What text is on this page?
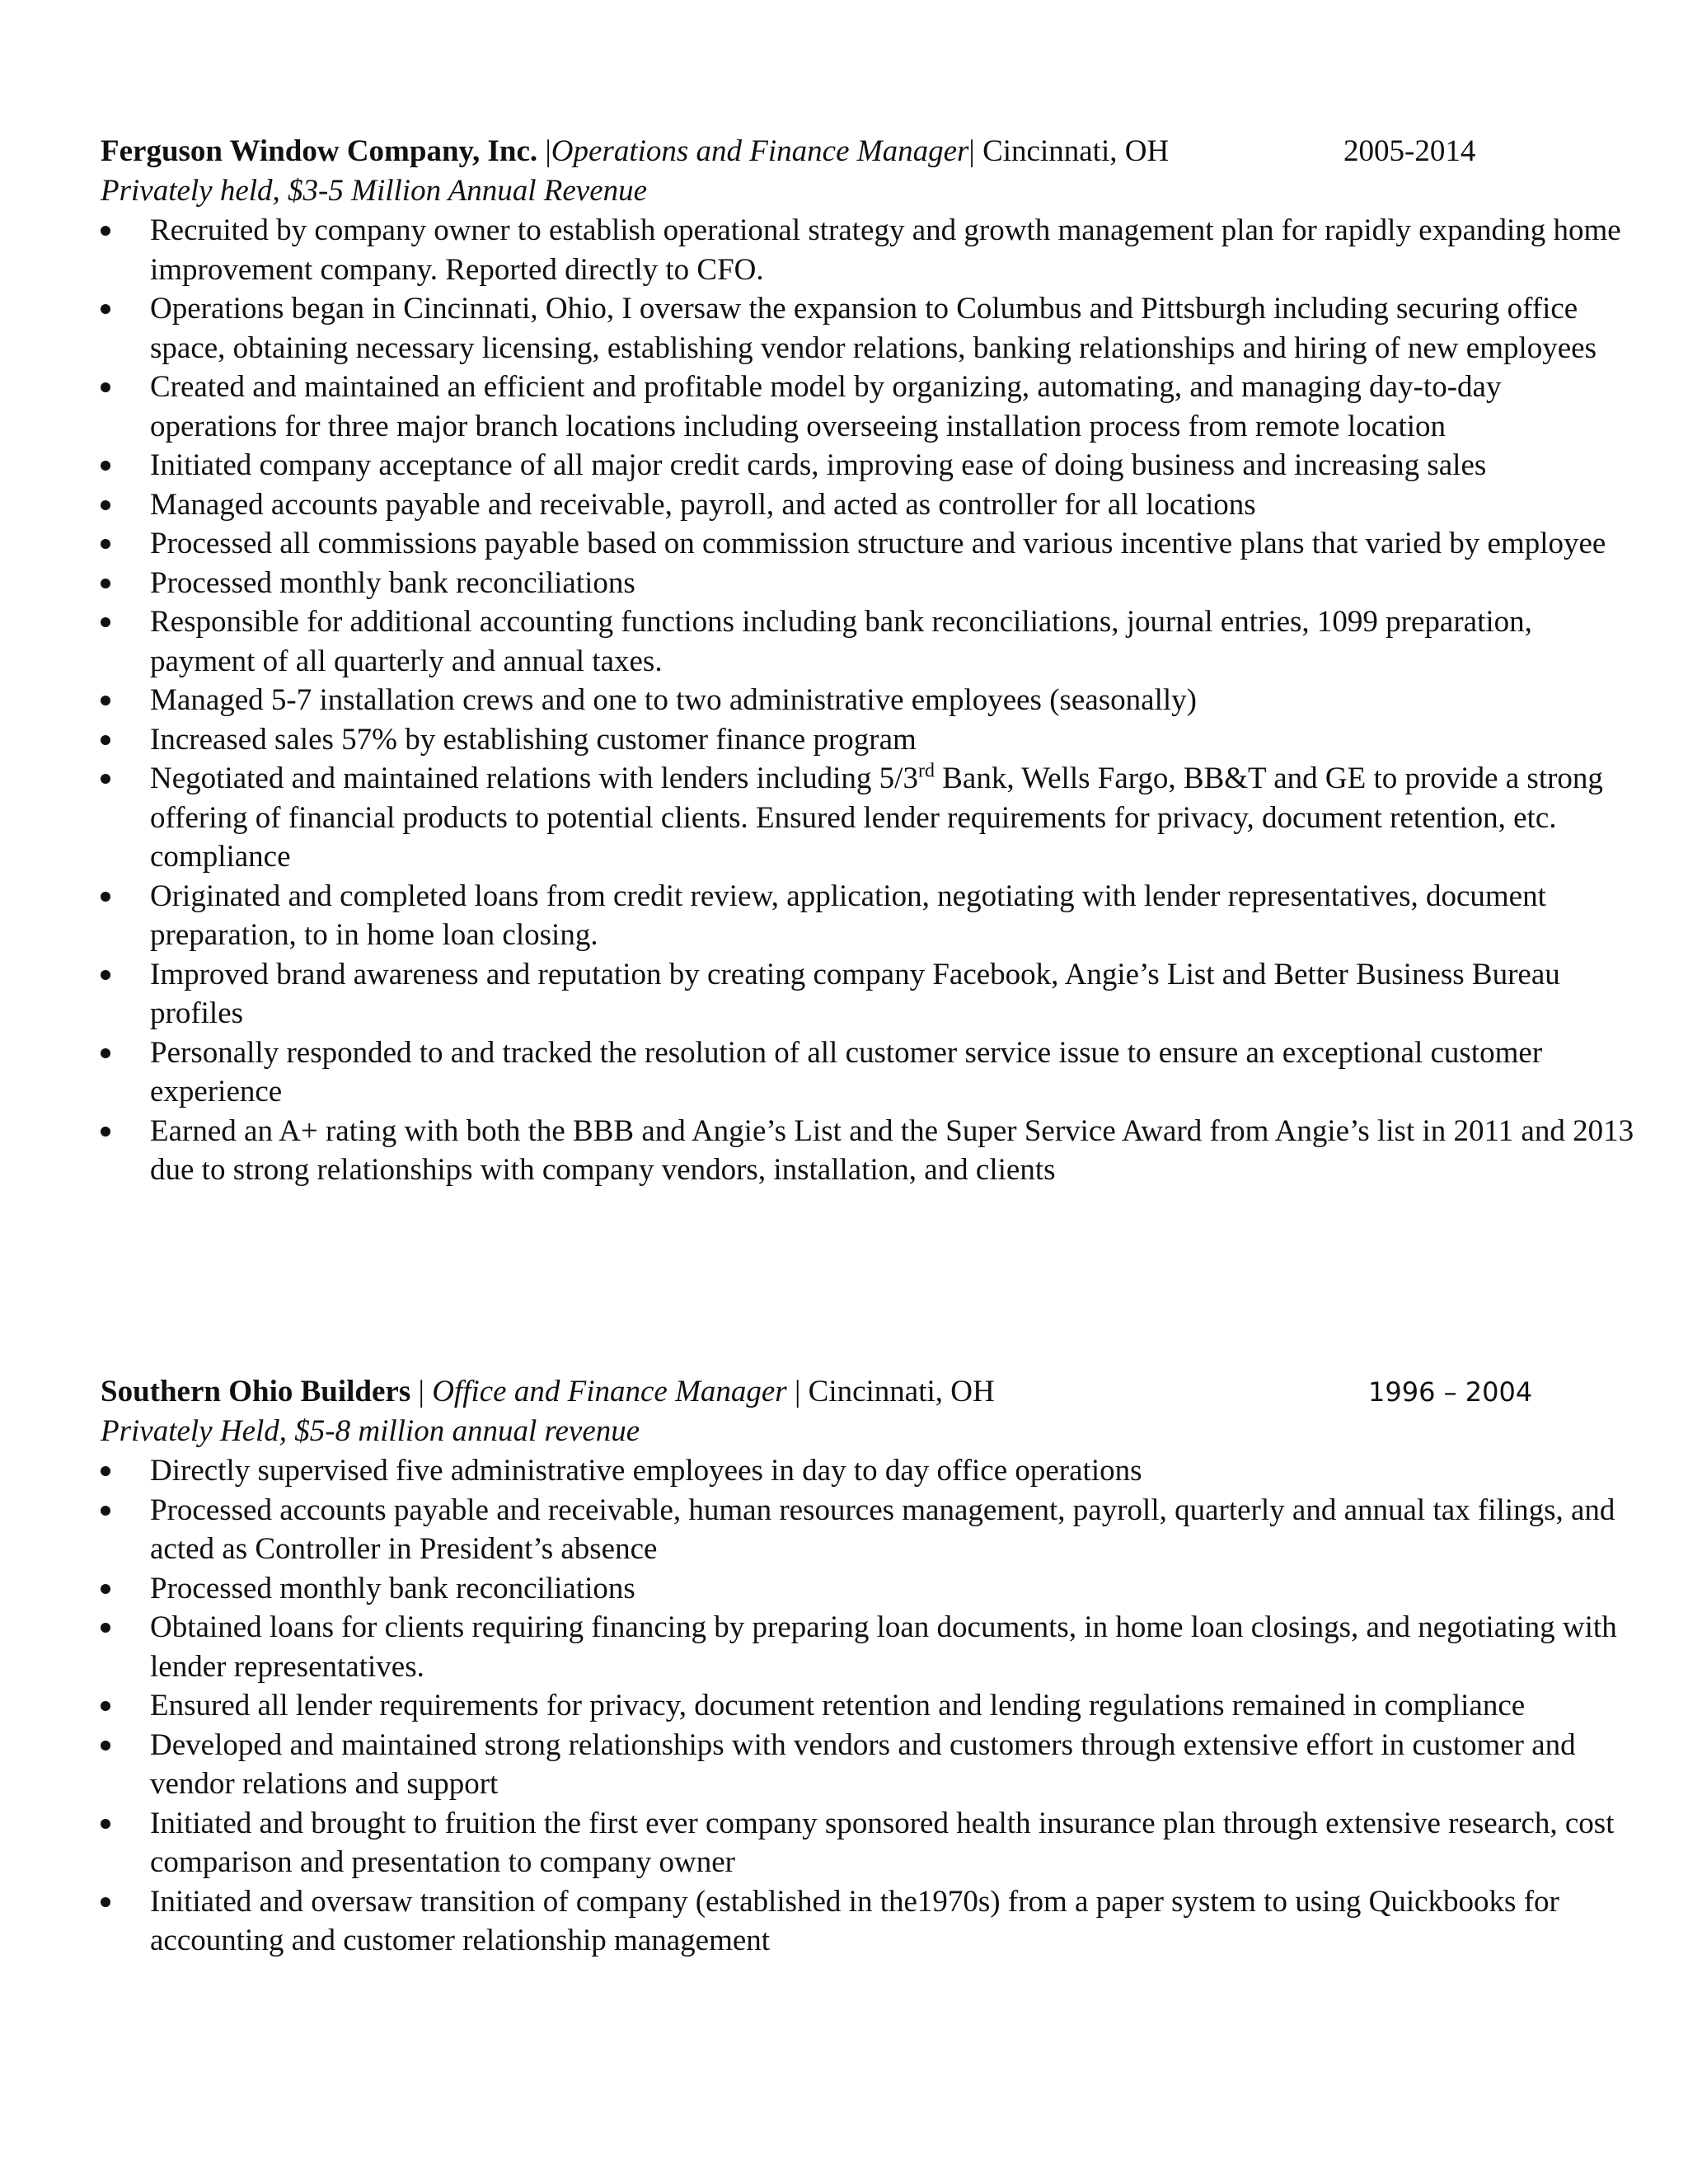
Ferguson Window Company, Inc. |Operations and Finance Manager| Cincinnati, OH	2005-2014
Privately held, $3-5 Million Annual Revenue
Recruited by company owner to establish operational strategy and growth management plan for rapidly expanding home improvement company. Reported directly to CFO.
Operations began in Cincinnati, Ohio, I oversaw the expansion to Columbus and Pittsburgh including securing office space, obtaining necessary licensing, establishing vendor relations, banking relationships and hiring of new employees
Created and maintained an efficient and profitable model by organizing, automating, and managing day-to-day operations for three major branch locations including overseeing installation process from remote location
Initiated company acceptance of all major credit cards, improving ease of doing business and increasing sales
Managed accounts payable and receivable, payroll, and acted as controller for all locations
Processed all commissions payable based on commission structure and various incentive plans that varied by employee
Processed monthly bank reconciliations
Responsible for additional accounting functions including bank reconciliations, journal entries, 1099 preparation, payment of all quarterly and annual taxes.
Managed 5-7 installation crews and one to two administrative employees (seasonally)
Increased sales 57% by establishing customer finance program
Negotiated and maintained relations with lenders including 5/3rd Bank, Wells Fargo, BB&T and GE to provide a strong offering of financial products to potential clients. Ensured lender requirements for privacy, document retention, etc. compliance
Originated and completed loans from credit review, application, negotiating with lender representatives, document preparation, to in home loan closing.
Improved brand awareness and reputation by creating company Facebook, Angie’s List and Better Business Bureau profiles
Personally responded to and tracked the resolution of all customer service issue to ensure an exceptional customer experience
Earned an A+ rating with both the BBB and Angie’s List and the Super Service Award from Angie’s list in 2011 and 2013 due to strong relationships with company vendors, installation, and clients
Southern Ohio Builders | Office and Finance Manager | Cincinnati, OH	1996 – 2004
Privately Held, $5-8 million annual revenue
Directly supervised five administrative employees in day to day office operations
Processed accounts payable and receivable, human resources management, payroll, quarterly and annual tax filings, and acted as Controller in President’s absence
Processed monthly bank reconciliations
Obtained loans for clients requiring financing by preparing loan documents, in home loan closings, and negotiating with lender representatives.
Ensured all lender requirements for privacy, document retention and lending regulations remained in compliance
Developed and maintained strong relationships with vendors and customers through extensive effort in customer and vendor relations and support
Initiated and brought to fruition the first ever company sponsored health insurance plan through extensive research, cost comparison and presentation to company owner
Initiated and oversaw transition of company (established in the1970s) from a paper system to using Quickbooks for accounting and customer relationship management
